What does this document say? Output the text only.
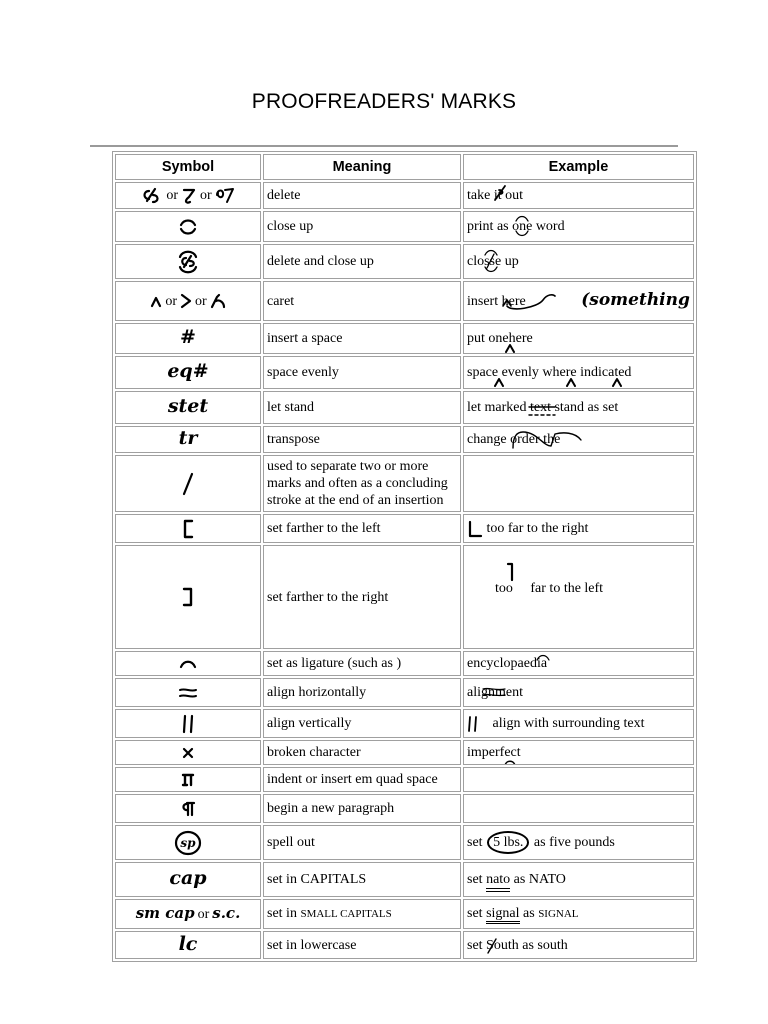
PROOFREADERS' MARKS
Symbol	Meaning	Example
or or	delete	take it out

	close up	print as one word

	delete and close up	closse up

or or	caret	insert here (something
#	insert a space	put onehere

eq#	space evenly	space evenly where indicated

stet	let stand	let marked text stand as set

tr	transpose	change order the

	used to separate two or more marks and often as a concluding stroke at the end of an insertion	
	set farther to the left	too far to the right
	set farther to the right	too     far to the left

	set as ligature (such as )	encyclopaedia

	align horizontally	alignment

	align vertically	align with surrounding text
	broken character	imperfect

	indent or insert em quad space	
	begin a new paragraph	

sp	spell out	set 5 lbs. as five pounds
cap	set in CAPITALS	set nato as NATO
sm cap or s.c.	set in SMALL CAPITALS	set signal as SIGNAL
lc	set in lowercase	set South as south
